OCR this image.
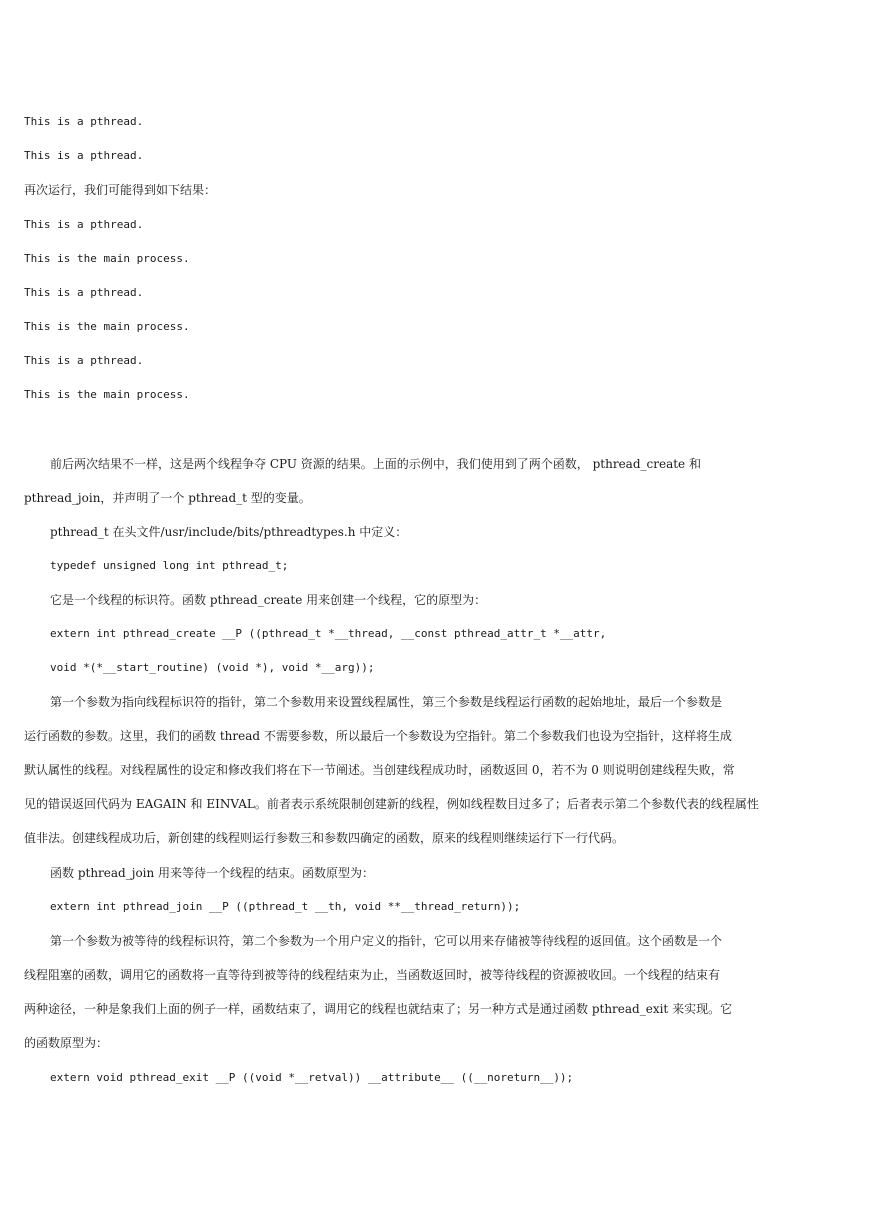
This is a pthread.
This is a pthread.
再次运行，我们可能得到如下结果：
This is a pthread.
This is the main process.
This is a pthread.
This is the main process.
This is a pthread.
This is the main process.
前后两次结果不一样，这是两个线程争夺 CPU 资源的结果。上面的示例中，我们使用到了两个函数， pthread_create 和
pthread_join，并声明了一个 pthread_t 型的变量。
pthread_t 在头文件/usr/include/bits/pthreadtypes.h 中定义：
typedef unsigned long int pthread_t;
它是一个线程的标识符。函数 pthread_create 用来创建一个线程，它的原型为：
extern int pthread_create __P ((pthread_t *__thread, __const pthread_attr_t *__attr,
void *(*__start_routine) (void *), void *__arg));
第一个参数为指向线程标识符的指针，第二个参数用来设置线程属性，第三个参数是线程运行函数的起始地址，最后一个参数是
运行函数的参数。这里，我们的函数 thread 不需要参数，所以最后一个参数设为空指针。第二个参数我们也设为空指针，这样将生成
默认属性的线程。对线程属性的设定和修改我们将在下一节阐述。当创建线程成功时，函数返回 0，若不为 0 则说明创建线程失败，常
见的错误返回代码为 EAGAIN 和 EINVAL。前者表示系统限制创建新的线程，例如线程数目过多了；后者表示第二个参数代表的线程属性
值非法。创建线程成功后，新创建的线程则运行参数三和参数四确定的函数，原来的线程则继续运行下一行代码。
函数 pthread_join 用来等待一个线程的结束。函数原型为：
extern int pthread_join __P ((pthread_t __th, void **__thread_return));
第一个参数为被等待的线程标识符，第二个参数为一个用户定义的指针，它可以用来存储被等待线程的返回值。这个函数是一个
线程阻塞的函数，调用它的函数将一直等待到被等待的线程结束为止，当函数返回时，被等待线程的资源被收回。一个线程的结束有
两种途径，一种是象我们上面的例子一样，函数结束了，调用它的线程也就结束了；另一种方式是通过函数 pthread_exit 来实现。它
的函数原型为：
extern void pthread_exit __P ((void *__retval)) __attribute__ ((__noreturn__));
